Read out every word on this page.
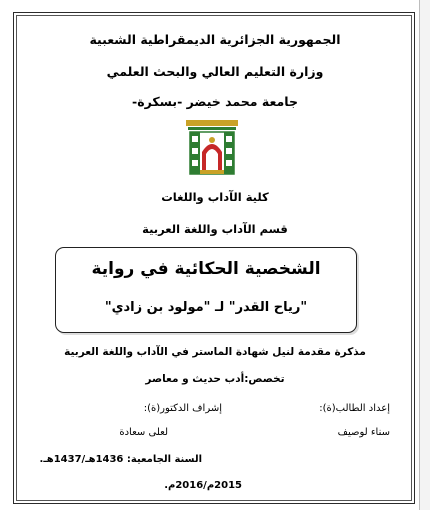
الجمهورية الجزائرية الديمقراطية الشعبية
وزارة التعليم العالي والبحث العلمي
جامعة محمد خيضر -بسكرة-
كلية الآداب واللغات
قسم الآداب واللغة العربية
الشخصية الحكائية في رواية
"رياح القدر" لـ "مولود بن زادي"
مذكرة مقدمة لنيل شهادة الماستر في الآداب واللغة العربية
تخصص:أدب حديث و معاصر
إعداد الطالب(ة):
إشراف الدكتور(ة):
سناء لوصيف
لعلى سعادة
السنة الجامعية: 1436هـ/1437هـ.
2015م/2016م.
